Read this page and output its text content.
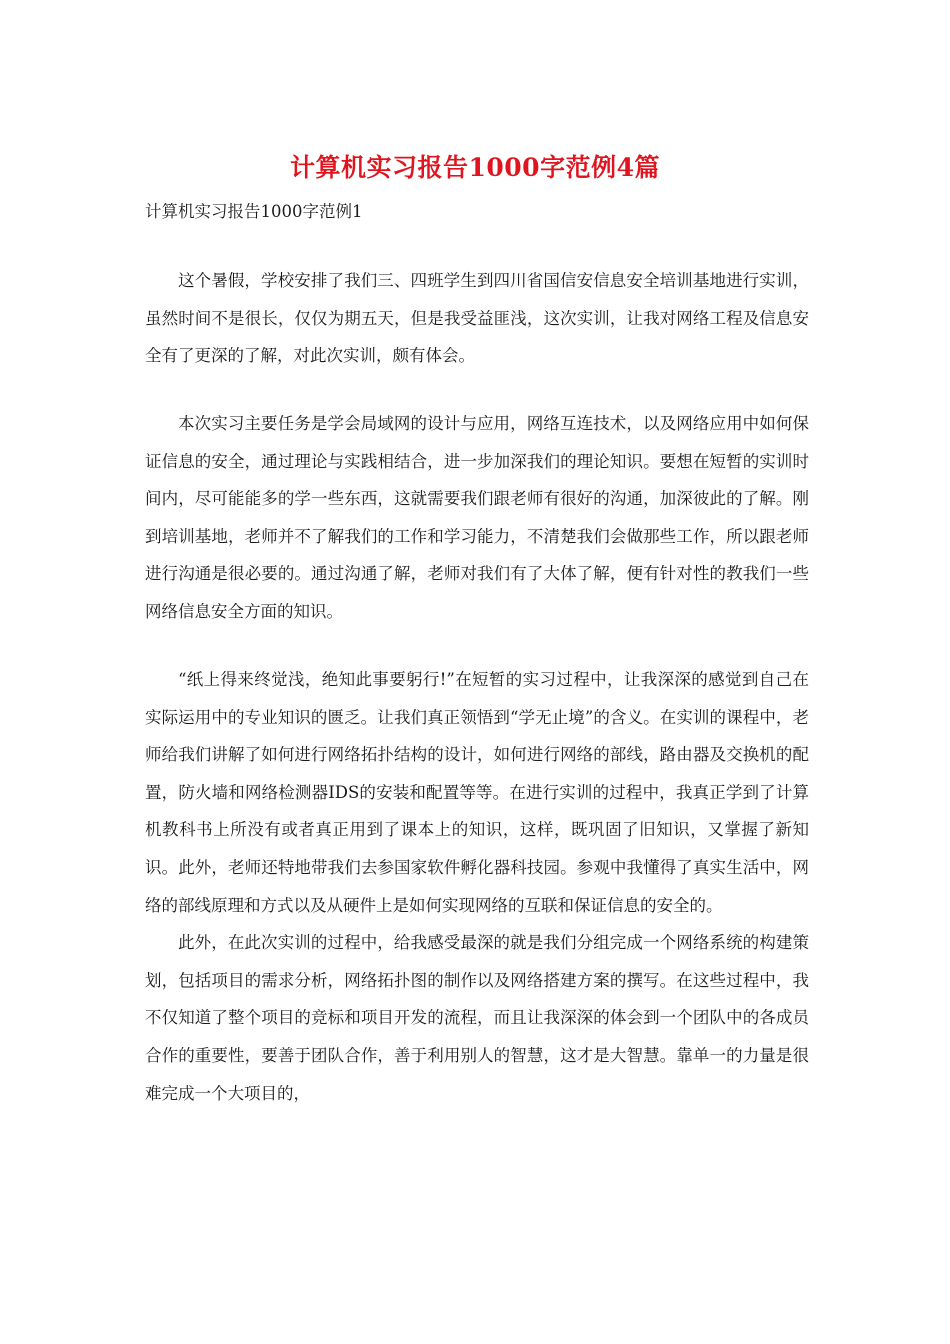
计算机实习报告1000字范例4篇
计算机实习报告1000字范例1

这个暑假，学校安排了我们三、四班学生到四川省国信安信息安全培训基地进行实训，虽然时间不是很长，仅仅为期五天，但是我受益匪浅，这次实训，让我对网络工程及信息安全有了更深的了解，对此次实训，颇有体会。

本次实习主要任务是学会局域网的设计与应用，网络互连技术，以及网络应用中如何保证信息的安全，通过理论与实践相结合，进一步加深我们的理论知识。要想在短暂的实训时间内，尽可能能多的学一些东西，这就需要我们跟老师有很好的沟通，加深彼此的了解。刚到培训基地，老师并不了解我们的工作和学习能力，不清楚我们会做那些工作，所以跟老师进行沟通是很必要的。通过沟通了解，老师对我们有了大体了解，便有针对性的教我们一些网络信息安全方面的知识。

“纸上得来终觉浅，绝知此事要躬行!”在短暂的实习过程中，让我深深的感觉到自己在实际运用中的专业知识的匮乏。让我们真正领悟到“学无止境”的含义。在实训的课程中，老师给我们讲解了如何进行网络拓扑结构的设计，如何进行网络的部线，路由器及交换机的配置，防火墙和网络检测器IDS的安装和配置等等。在进行实训的过程中，我真正学到了计算机教科书上所没有或者真正用到了课本上的知识，这样，既巩固了旧知识，又掌握了新知识。此外，老师还特地带我们去参国家软件孵化器科技园。参观中我懂得了真实生活中，网络的部线原理和方式以及从硬件上是如何实现网络的互联和保证信息的安全的。

此外，在此次实训的过程中，给我感受最深的就是我们分组完成一个网络系统的构建策划，包括项目的需求分析，网络拓扑图的制作以及网络搭建方案的撰写。在这些过程中，我不仅知道了整个项目的竞标和项目开发的流程，而且让我深深的体会到一个团队中的各成员合作的重要性，要善于团队合作，善于利用别人的智慧，这才是大智慧。靠单一的力量是很难完成一个大项目的，
